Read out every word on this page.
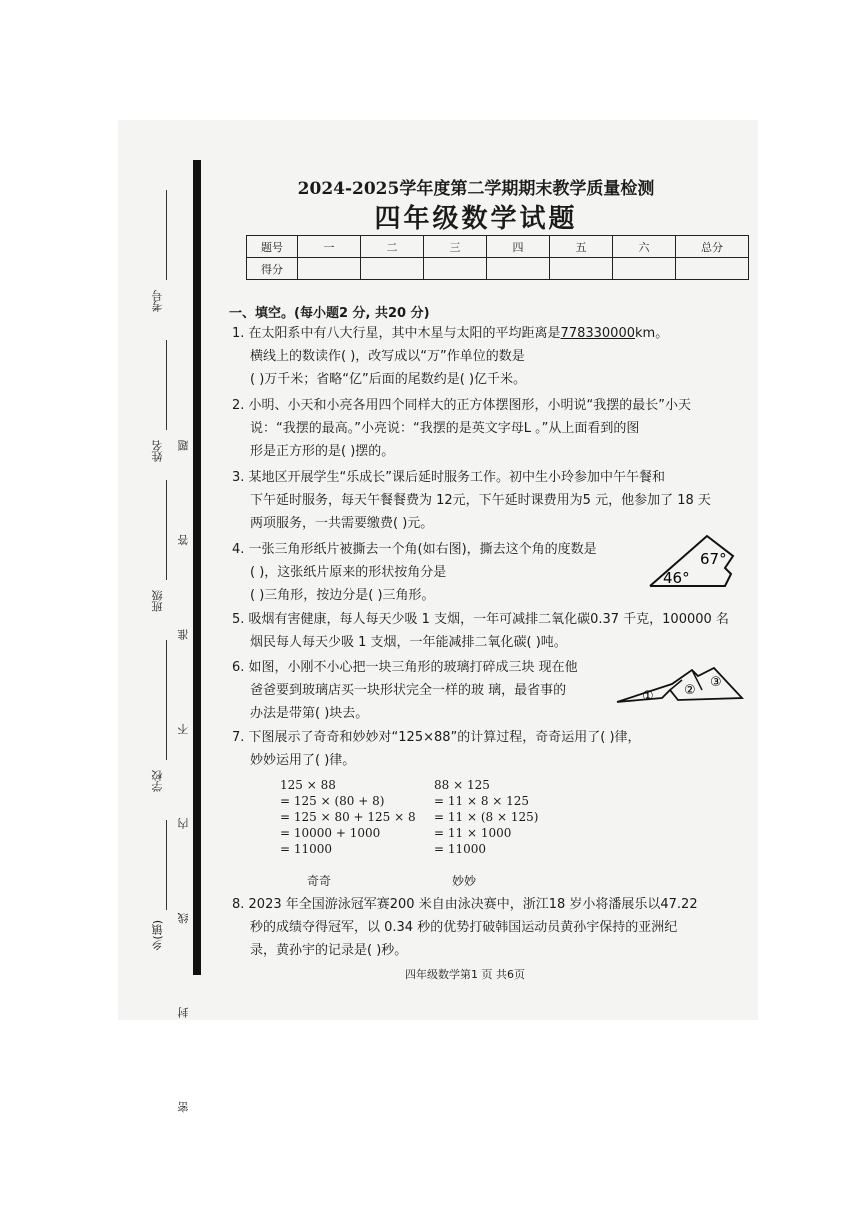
考号
姓名
班级
学校
乡(镇) 密 封 线 内 不 准 答 题
2024-2025学年度第二学期期末教学质量检测
四年级数学试题
题号	一	二	三	四	五	六	总分
得分							
一、填空。(每小题2 分, 共20 分)

1. 在太阳系中有八大行星，其中木星与太阳的平均距离是778330000km。

横线上的数读作( )，改写成以“万”作单位的数是

( )万千米；省略“亿”后面的尾数约是( )亿千米。

2. 小明、小天和小亮各用四个同样大的正方体摆图形，小明说“我摆的最长”小天

说：“我摆的最高。”小亮说：“我摆的是英文字母L 。”从上面看到的图

形是正方形的是( )摆的。

3. 某地区开展学生“乐成长”课后延时服务工作。初中生小玲参加中午午餐和

下午延时服务，每天午餐餐费为 12元，下午延时课费用为5 元，他参加了 18 天

两项服务，一共需要缴费( )元。

4. 一张三角形纸片被撕去一个角(如右图)，撕去这个角的度数是

( )，这张纸片原来的形状按角分是

( )三角形，按边分是( )三角形。

67°
46°

5. 吸烟有害健康，每人每天少吸 1 支烟，一年可减排二氧化碳0.37 千克，100000 名

烟民每人每天少吸 1 支烟，一年能减排二氧化碳( )吨。

6. 如图，小刚不小心把一块三角形的玻璃打碎成三块 现在他

爸爸要到玻璃店买一块形状完全一样的玻 璃，最省事的

办法是带第( )块去。

① ②
③

7. 下图展示了奇奇和妙妙对“125×88”的计算过程，奇奇运用了( )律，

妙妙运用了( )律。

125 × 88
= 125 × (80 + 8)
= 125 × 80 + 125 × 8
= 10000 + 1000
= 11000
88 × 125
= 11 × 8 × 125
= 11 × (8 × 125)
= 11 × 1000
= 11000
奇奇	妙妙

8. 2023 年全国游泳冠军赛200 米自由泳决赛中，浙江18 岁小将潘展乐以47.22

秒的成绩夺得冠军，以 0.34 秒的优势打破韩国运动员黄孙宇保持的亚洲纪

录，黄孙宇的记录是( )秒。

四年级数学第1 页 共6页
